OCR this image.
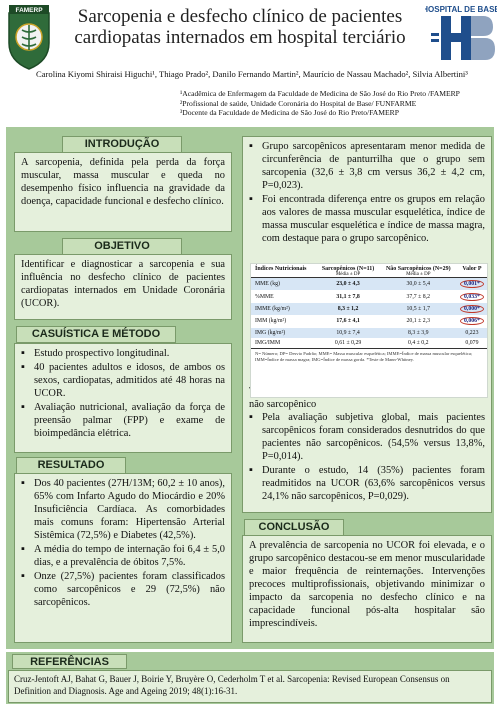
FAMERP	Sarcopenia e desfecho clínico de pacientes cardiopatas internados em hospital terciário
HOSPITAL DE BASE
Carolina Kiyomi Shiraisi Higuchi¹, Thiago Prado², Danilo Fernando Martin², Maurício de Nassau Machado², Silvia Albertini³
¹Acadêmica de Enfermagem da Faculdade de Medicina de São José do Rio Preto /FAMERP
²Profissional de saúde, Unidade Coronária do Hospital de Base/ FUNFARME
³Docente da Faculdade de Medicina de São José do Rio Preto/FAMERP
INTRODUÇÃO
A sarcopenia, definida pela perda da força muscular, massa muscular e queda no desempenho físico influencia na gravidade da doença, capacidade funcional e desfecho clínico.
OBJETIVO
Identificar e diagnosticar a sarcopenia e sua influência no desfecho clínico de pacientes cardiopatas internados em Unidade Coronária (UCOR).
CASUÍSTICA E MÉTODO
▪ Estudo prospectivo longitudinal.
▪ 40 pacientes adultos e idosos, de ambos os sexos, cardiopatas, admitidos até 48 horas na UCOR.
▪ Avaliação nutricional, avaliação da força de preensão palmar (FPP) e exame de bioimpedância elétrica.
RESULTADO
▪ Dos 40 pacientes (27H/13M; 60,2 ± 10 anos), 65% com Infarto Agudo do Miocárdio e 20% Insuficiência Cardíaca. As comorbidades mais comuns foram: Hipertensão Arterial Sistêmica (72,5%) e Diabetes (42,5%).
▪ A média do tempo de internação foi 6,4 ± 5,0 dias, e a prevalência de óbitos 7,5%.
▪ Onze (27,5%) pacientes foram classificados como sarcopênicos e 29 (72,5%) não sarcopênicos.
▪ Grupo sarcopênicos apresentaram menor medida de circunferência de panturrilha que o grupo sem sarcopenia (32,6 ± 3,8 cm versus 36,2 ± 4,2 cm, P=0,023).
▪ Foi encontrada diferença entre os grupos em relação aos valores de massa muscular esquelética, índice de massa muscular esquelética e índice de massa magra, com destaque para o grupo sarcopênico.
não sarcopênico
▪ Pela avaliação subjetiva global, mais pacientes sarcopênicos foram considerados desnutridos do que pacientes não sarcopênicos. (54,5% versus 13,8%, P=0,014).
▪ Durante o estudo, 14 (35%) pacientes foram readmitidos na UCOR (63,6% sarcopênicos versus 24,1% não sarcopênicos, P=0,029).
Índices Nutricionais	Sarcopênicos (N=11)	Não Sarcopênicos (N=29)	Valor P
	Média ± DP	Média ± DP	
MME (kg)	23,0 ± 4,3	30,0 ± 5,4	0,001*
%MME	31,1 ± 7,8	37,7 ± 8,2	0,033*
IMME (kg/m²)	8,3 ± 1,2	10,5 ± 1,7	0,000*
IMM (kg/m²)	17,6 ± 4,1	20,1 ± 2,3	0,006*
IMG (kg/m²)	10,9 ± 7,4	8,3 ± 3,9	0,223
IMG/IMM	0,61 ± 0,29	0,4 ± 0,2	0,079
N= Número; DP= Desvio Padrão; MME= Massa muscular esquelética; IMME=Índice de massa muscular esquelética; IMM=Índice de massa magra; IMG=Índice de massa gorda. *Teste de Mann-Whitney.
CONCLUSÃO
A prevalência de sarcopenia no UCOR foi elevada, e o grupo sarcopênico destacou-se em menor muscularidade e maior frequência de reinternações. Intervenções precoces multiprofissionais, objetivando minimizar o impacto da sarcopenia no desfecho clínico e na capacidade funcional pós-alta hospitalar são imprescindíveis.
REFERÊNCIAS
Cruz-Jentoft AJ, Bahat G, Bauer J, Boirie Y, Bruyère O, Cederholm T et al. Sarcopenia: Revised European Consensus on Definition and Diagnosis. Age and Ageing 2019; 48(1):16-31.
